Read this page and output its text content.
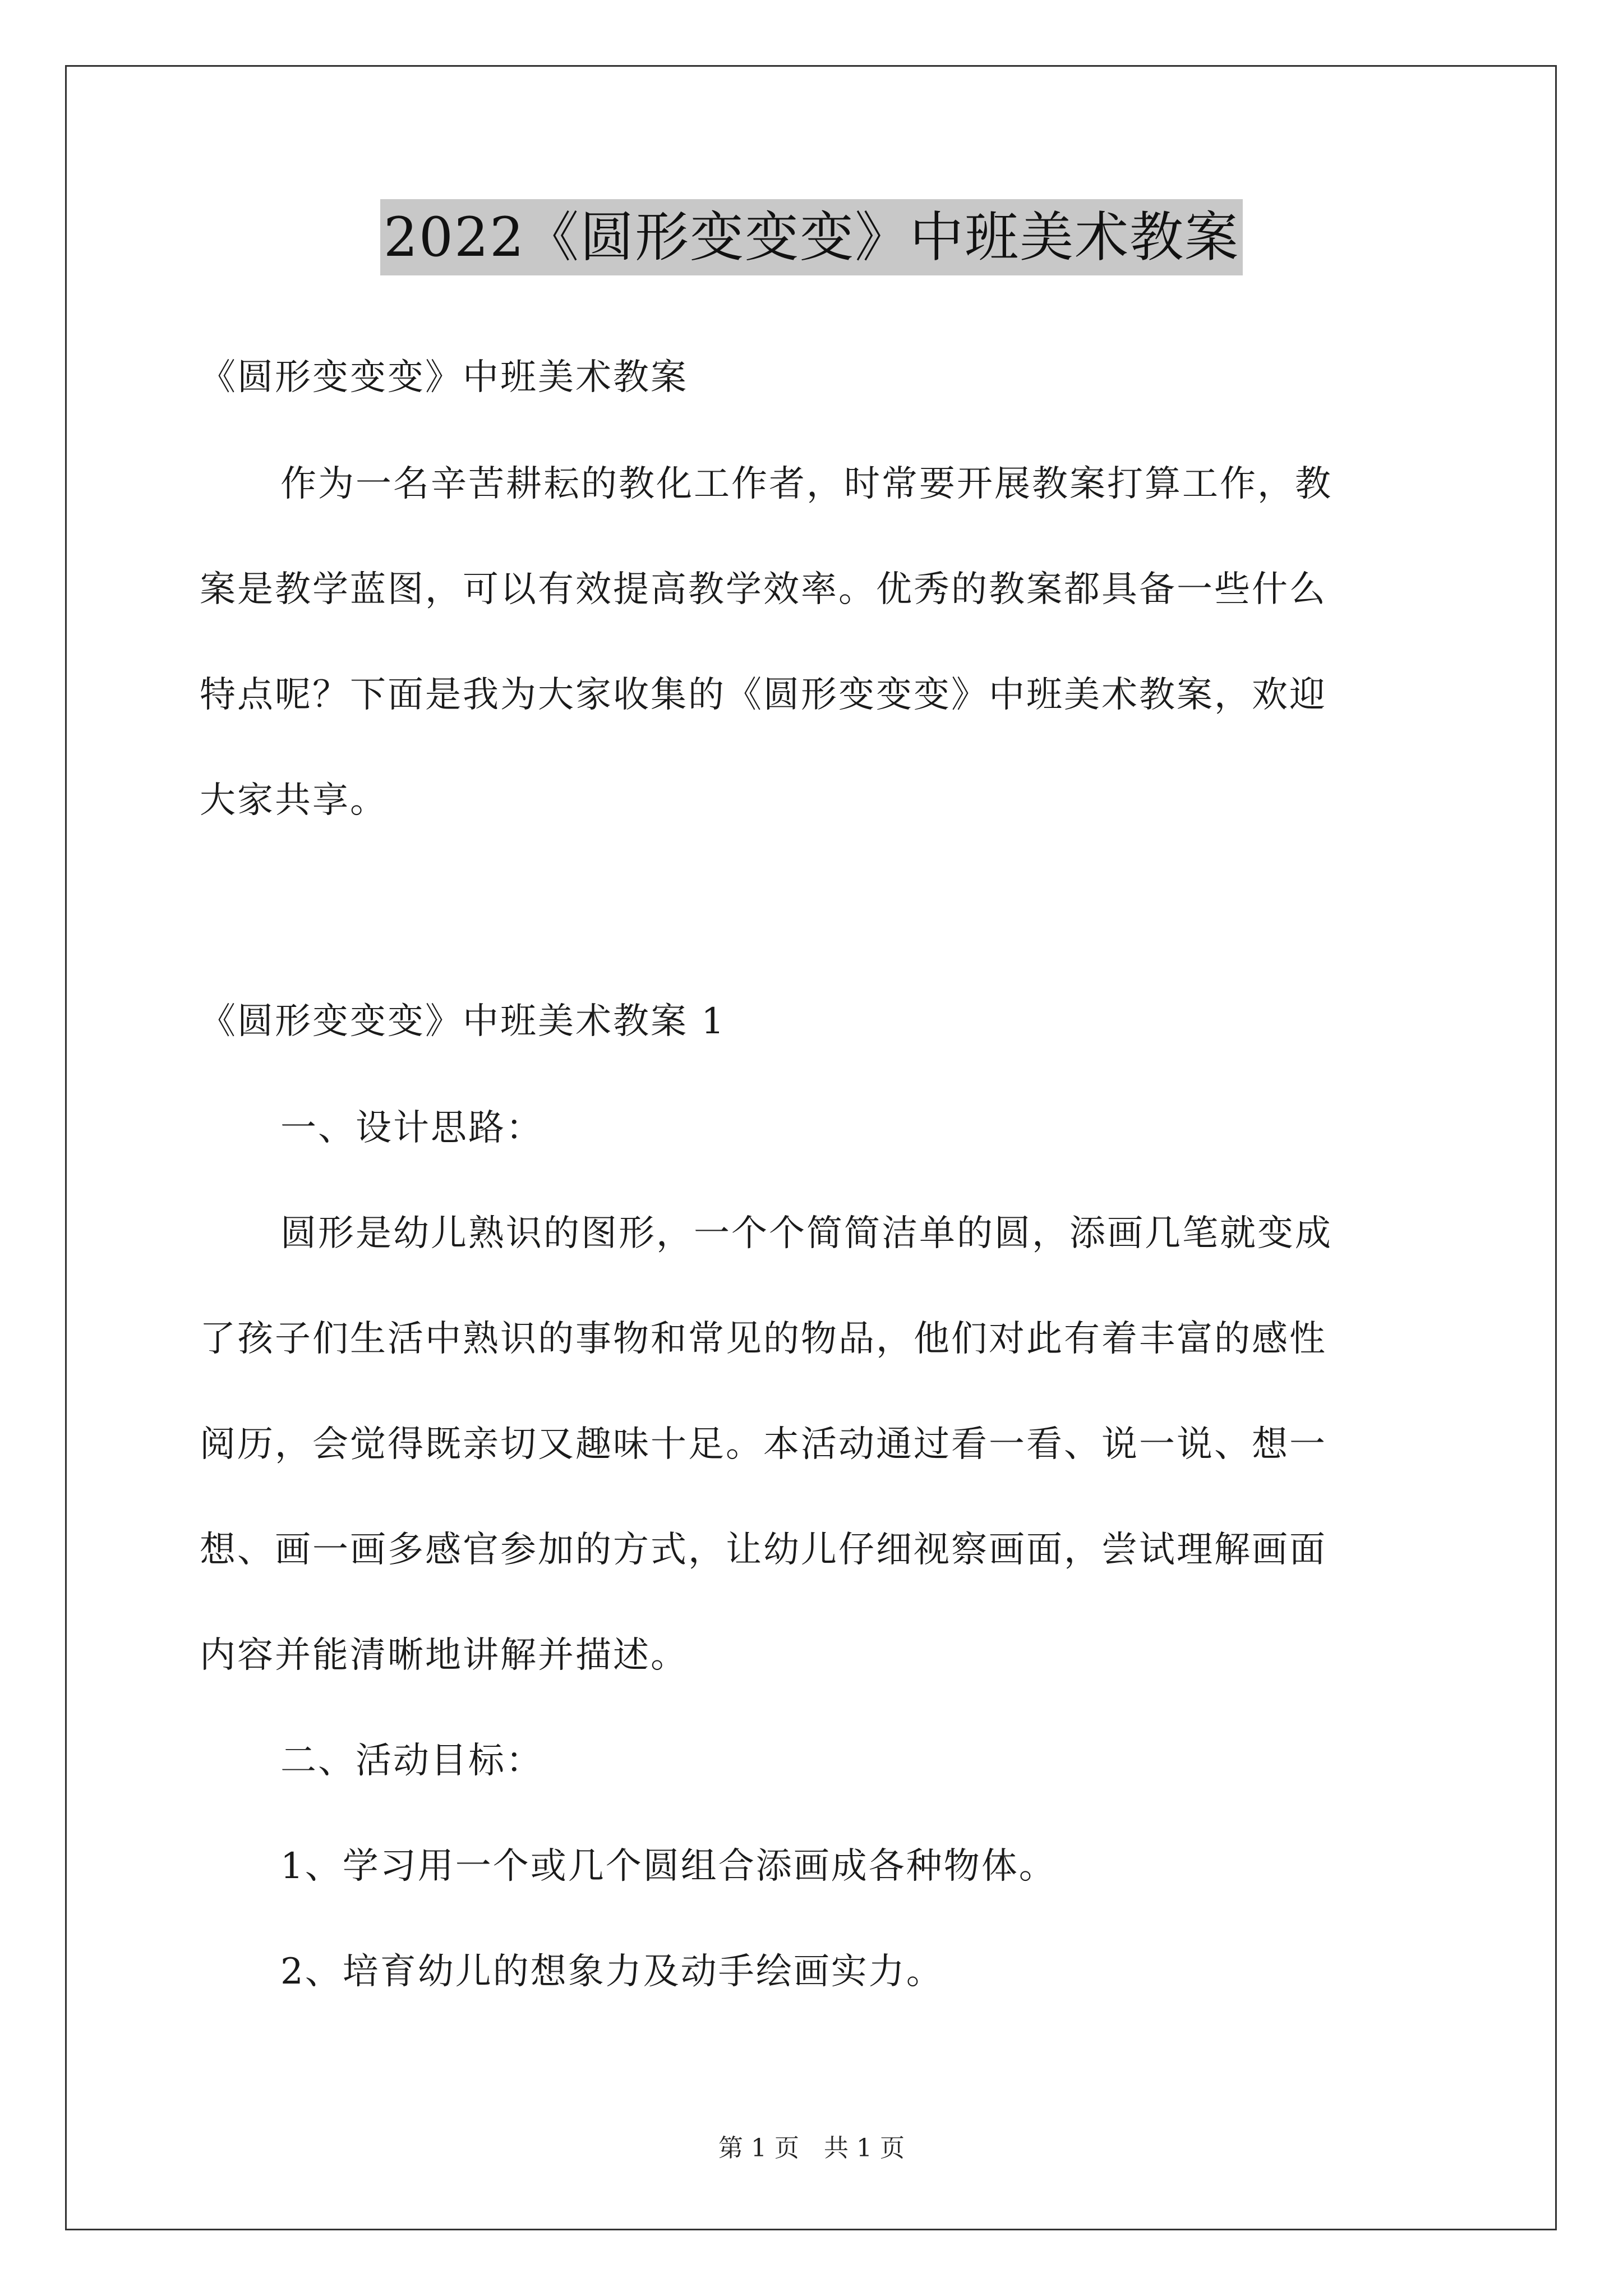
2022《圆形变变变》中班美术教案
《圆形变变变》中班美术教案
作为一名辛苦耕耘的教化工作者，时常要开展教案打算工作，教
案是教学蓝图，可以有效提高教学效率。优秀的教案都具备一些什么
特点呢？下面是我为大家收集的《圆形变变变》中班美术教案，欢迎
大家共享。
《圆形变变变》中班美术教案 1
一、设计思路：
圆形是幼儿熟识的图形，一个个简简洁单的圆，添画几笔就变成
了孩子们生活中熟识的事物和常见的物品，他们对此有着丰富的感性
阅历，会觉得既亲切又趣味十足。本活动通过看一看、说一说、想一
想、画一画多感官参加的方式，让幼儿仔细视察画面，尝试理解画面
内容并能清晰地讲解并描述。
二、活动目标：
1、学习用一个或几个圆组合添画成各种物体。
2、培育幼儿的想象力及动手绘画实力。
第 1 页　共 1 页
